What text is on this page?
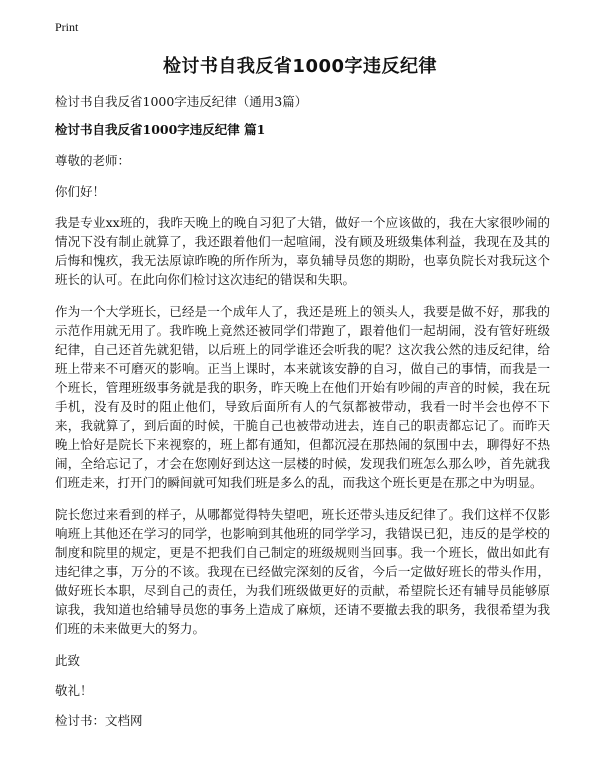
Print
检讨书自我反省1000字违反纪律

检讨书自我反省1000字违反纪律（通用3篇）

检讨书自我反省1000字违反纪律 篇1

尊敬的老师：

你们好！

我是专业xx班的，我昨天晚上的晚自习犯了大错，做好一个应该做的，我在大家很吵闹的情况下没有制止就算了，我还跟着他们一起喧闹，没有顾及班级集体利益，我现在及其的后悔和愧疚，我无法原谅昨晚的所作所为，辜负辅导员您的期盼，也辜负院长对我玩这个班长的认可。在此向你们检讨这次违纪的错误和失职。

作为一个大学班长，已经是一个成年人了，我还是班上的领头人，我要是做不好，那我的示范作用就无用了。我昨晚上竟然还被同学们带跑了，跟着他们一起胡闹，没有管好班级纪律，自己还首先就犯错，以后班上的同学谁还会听我的呢？这次我公然的违反纪律，给班上带来不可磨灭的影响。正当上课时，本来就该安静的自习，做自己的事情，而我是一个班长，管理班级事务就是我的职务，昨天晚上在他们开始有吵闹的声音的时候，我在玩手机，没有及时的阻止他们，导致后面所有人的气氛都被带动，我看一时半会也停不下来，我就算了，到后面的时候，干脆自己也被带动进去，连自己的职责都忘记了。而昨天晚上恰好是院长下来视察的，班上都有通知，但都沉浸在那热闹的氛围中去，聊得好不热闹，全给忘记了，才会在您刚好到达这一层楼的时候，发现我们班怎么那么吵，首先就我们班走来，打开门的瞬间就可知我们班是多么的乱，而我这个班长更是在那之中为明显。

院长您过来看到的样子，从哪都觉得特失望吧，班长还带头违反纪律了。我们这样不仅影响班上其他还在学习的同学，也影响到其他班的同学学习，我错误已犯，违反的是学校的制度和院里的规定，更是不把我们自己制定的班级规则当回事。我一个班长，做出如此有违纪律之事，万分的不该。我现在已经做完深刻的反省，今后一定做好班长的带头作用，做好班长本职，尽到自己的责任，为我们班级做更好的贡献，希望院长还有辅导员能够原谅我，我知道也给辅导员您的事务上造成了麻烦，还请不要撤去我的职务，我很希望为我们班的未来做更大的努力。

此致

敬礼！

检讨书：文档网
